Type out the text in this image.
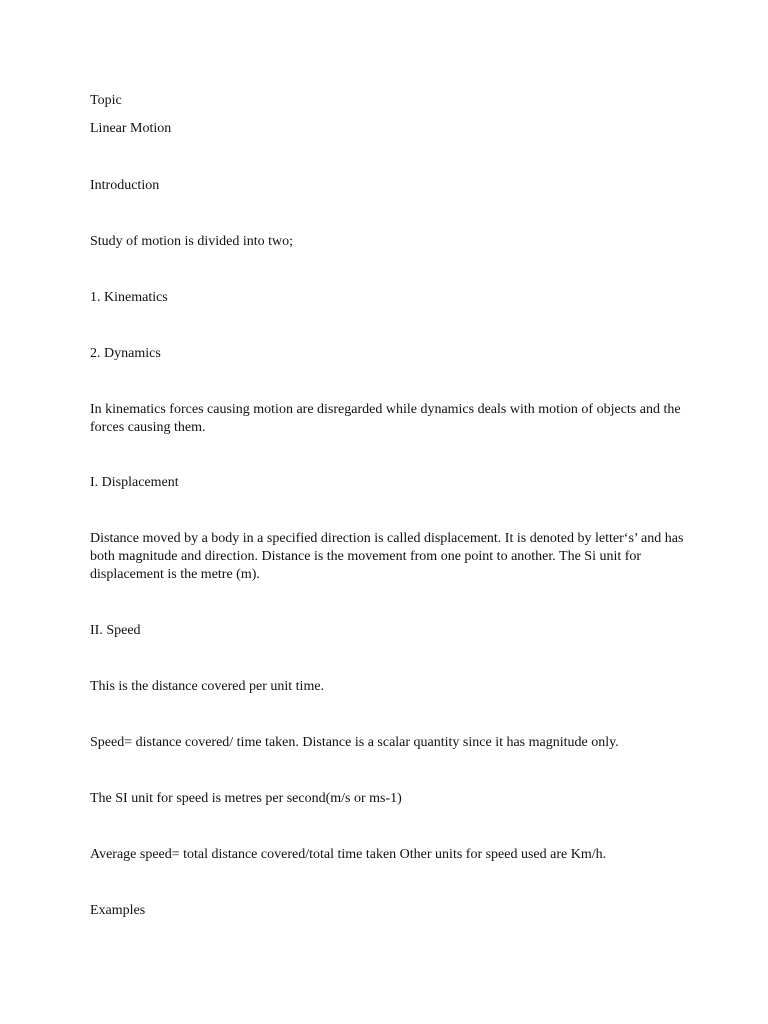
Topic

Linear Motion

Introduction

Study of motion is divided into two;

1. Kinematics

2. Dynamics

In kinematics forces causing motion are disregarded while dynamics deals with motion of objects and the forces causing them.

I. Displacement

Distance moved by a body in a specified direction is called displacement. It is denoted by letter‘s’ and has both magnitude and direction. Distance is the movement from one point to another. The Si unit for displacement is the metre (m).

II. Speed

This is the distance covered per unit time.

Speed= distance covered/ time taken. Distance is a scalar quantity since it has magnitude only.

The SI unit for speed is metres per second(m/s or ms-1)

Average speed= total distance covered/total time taken Other units for speed used are Km/h.

Examples
